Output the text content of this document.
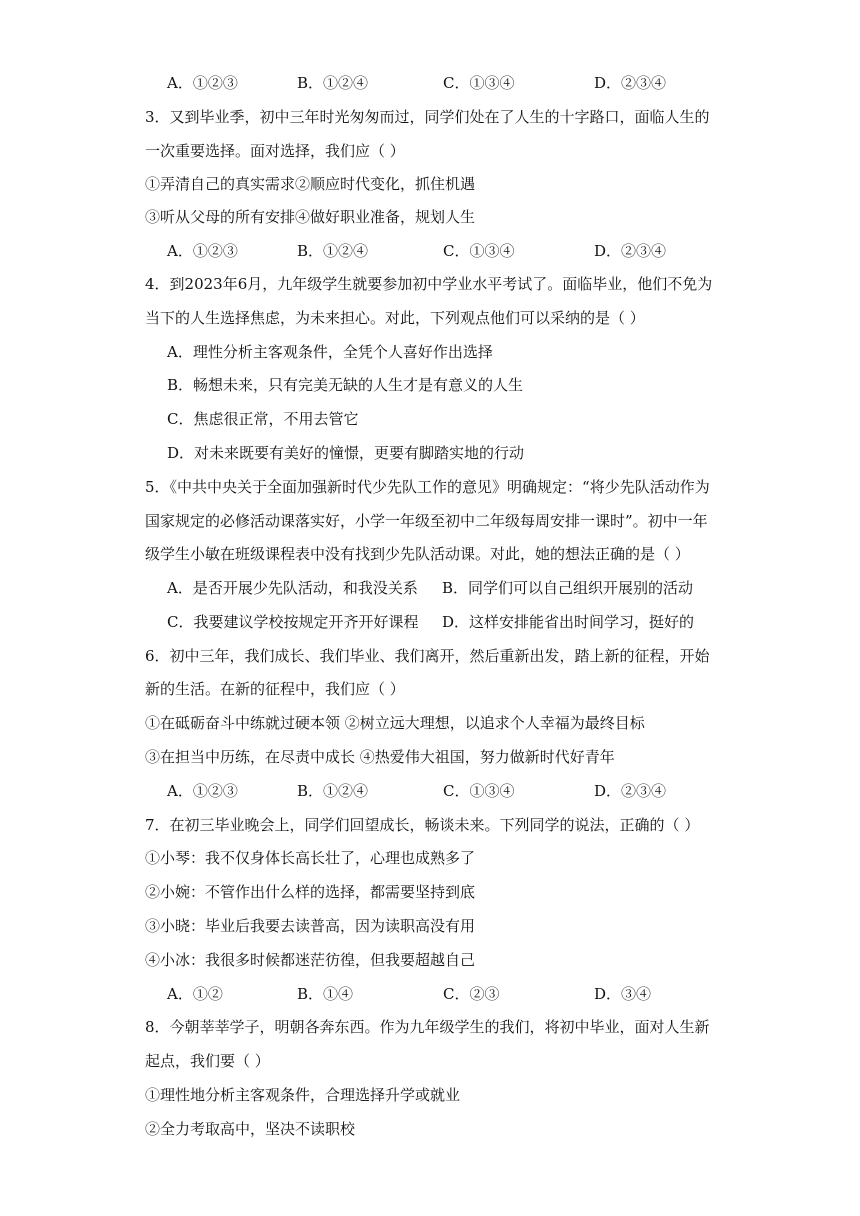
A．①②③	B．①②④	C．①③④	D．②③④
3．又到毕业季，初中三年时光匆匆而过，同学们处在了人生的十字路口，面临人生的
一次重要选择。面对选择，我们应（ ）
①弄清自己的真实需求②顺应时代变化，抓住机遇
③听从父母的所有安排④做好职业准备，规划人生
A．①②③	B．①②④	C．①③④	D．②③④
4．到2023年6月，九年级学生就要参加初中学业水平考试了。面临毕业，他们不免为
当下的人生选择焦虑，为未来担心。对此，下列观点他们可以采纳的是（ ）
A．理性分析主客观条件，全凭个人喜好作出选择
B．畅想未来，只有完美无缺的人生才是有意义的人生
C．焦虑很正常，不用去管它
D．对未来既要有美好的憧憬，更要有脚踏实地的行动
5．《中共中央关于全面加强新时代少先队工作的意见》明确规定：“将少先队活动作为
国家规定的必修活动课落实好，小学一年级至初中二年级每周安排一课时”。初中一年
级学生小敏在班级课程表中没有找到少先队活动课。对此，她的想法正确的是（ ）
A．是否开展少先队活动，和我没关系 B．同学们可以自己组织开展别的活动
C．我要建议学校按规定开齐开好课程 D．这样安排能省出时间学习，挺好的
6．初中三年，我们成长、我们毕业、我们离开，然后重新出发，踏上新的征程，开始
新的生活。在新的征程中，我们应（ ）
①在砥砺奋斗中练就过硬本领 ②树立远大理想，以追求个人幸福为最终目标
③在担当中历练，在尽责中成长 ④热爱伟大祖国，努力做新时代好青年
A．①②③	B．①②④	C．①③④	D．②③④
7．在初三毕业晚会上，同学们回望成长，畅谈未来。下列同学的说法，正确的（ ）
①小琴：我不仅身体长高长壮了，心理也成熟多了
②小婉：不管作出什么样的选择，都需要坚持到底
③小晓：毕业后我要去读普高，因为读职高没有用
④小冰：我很多时候都迷茫彷徨，但我要超越自己
A．①②	B．①④	C．②③	D．③④
8．今朝莘莘学子，明朝各奔东西。作为九年级学生的我们，将初中毕业，面对人生新
起点，我们要（ ）
①理性地分析主客观条件，合理选择升学或就业
②全力考取高中，坚决不读职校
